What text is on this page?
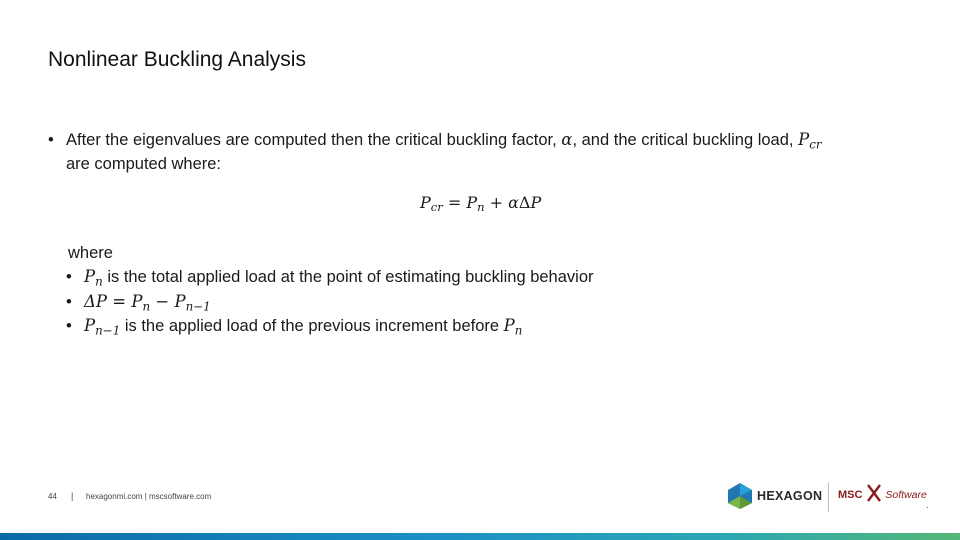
Nonlinear Buckling Analysis
• After the eigenvalues are computed then the critical buckling factor, α, and the critical buckling load, $P_{cr}$
are computed where:
$P_{cr} = P_n + \alpha\Delta P$
where
• $P_n$ is the total applied load at the point of estimating buckling behavior
• $\Delta P = P_n - P_{n-1}$
• $P_{n-1}$ is the applied load of the previous increment before $P_n$
44 | hexagonmi.com | mscsoftware.com	HEXAGON MSC Software
.
